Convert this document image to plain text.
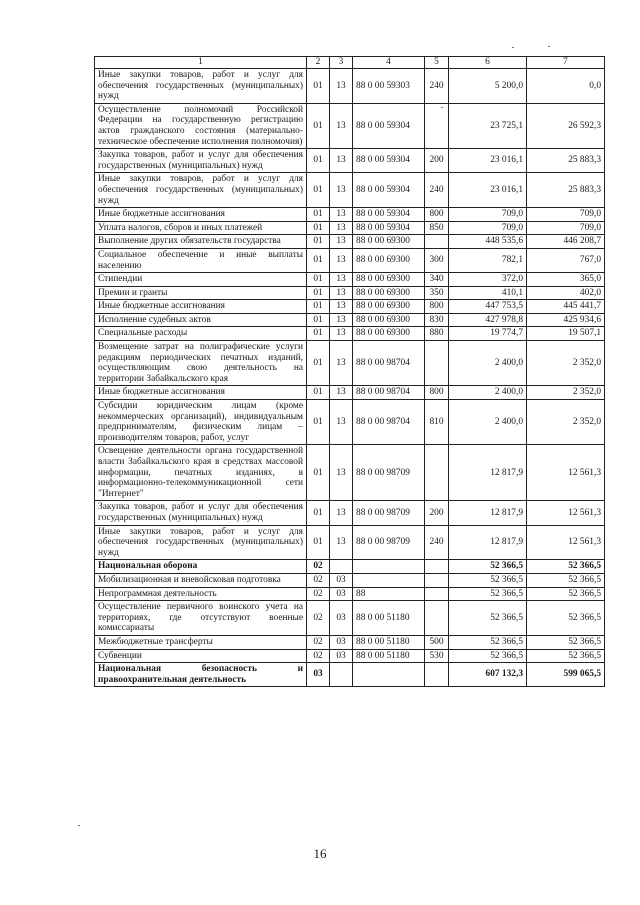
1	2	3	4	5	6	7
Иные закупки товаров, работ и услуг для обеспечения государственных (муниципальных) нужд	01	13	88 0 00 59303	240	5 200,0	0,0
Осуществление полномочий Российской Федерации на государственную регистрацию актов гражданского состояния (материально-техническое обеспечение исполнения полномочия)	01	13	88 0 00 59304		23 725,1	26 592,3
Закупка товаров, работ и услуг для обеспечения государственных (муниципальных) нужд	01	13	88 0 00 59304	200	23 016,1	25 883,3
Иные закупки товаров, работ и услуг для обеспечения государственных (муниципальных) нужд	01	13	88 0 00 59304	240	23 016,1	25 883,3
Иные бюджетные ассигнования	01	13	88 0 00 59304	800	709,0	709,0
Уплата налогов, сборов и иных платежей	01	13	88 0 00 59304	850	709,0	709,0
Выполнение других обязательств государства	01	13	88 0 00 69300		448 535,6	446 208,7
Социальное обеспечение и иные выплаты населению	01	13	88 0 00 69300	300	782,1	767,0
Стипендии	01	13	88 0 00 69300	340	372,0	365,0
Премии и гранты	01	13	88 0 00 69300	350	410,1	402,0
Иные бюджетные ассигнования	01	13	88 0 00 69300	800	447 753,5	445 441,7
Исполнение судебных актов	01	13	88 0 00 69300	830	427 978,8	425 934,6
Специальные расходы	01	13	88 0 00 69300	880	19 774,7	19 507,1
Возмещение затрат на полиграфические услуги редакциям периодических печатных изданий, осуществляющим свою деятельность на территории Забайкальского края	01	13	88 0 00 98704		2 400,0	2 352,0
Иные бюджетные ассигнования	01	13	88 0 00 98704	800	2 400,0	2 352,0
Субсидии юридическим лицам (кроме некоммерческих организаций), индивидуальным предпринимателям, физическим лицам – производителям товаров, работ, услуг	01	13	88 0 00 98704	810	2 400,0	2 352,0
Освещение деятельности органа государственной власти Забайкальского края в средствах массовой информации, печатных изданиях, в информационно-телекоммуникационной сети "Интернет"	01	13	88 0 00 98709		12 817,9	12 561,3
Закупка товаров, работ и услуг для обеспечения государственных (муниципальных) нужд	01	13	88 0 00 98709	200	12 817,9	12 561,3
Иные закупки товаров, работ и услуг для обеспечения государственных (муниципальных) нужд	01	13	88 0 00 98709	240	12 817,9	12 561,3
Национальная оборона	02				52 366,5	52 366,5
Мобилизационная и вневойсковая подготовка	02	03			52 366,5	52 366,5
Непрограммная деятельность	02	03	88		52 366,5	52 366,5
Осуществление первичного воинского учета на территориях, где отсутствуют военные комиссариаты	02	03	88 0 00 51180		52 366,5	52 366,5
Межбюджетные трансферты	02	03	88 0 00 51180	500	52 366,5	52 366,5
Субвенции	02	03	88 0 00 51180	530	52 366,5	52 366,5
Национальная безопасность и правоохранительная деятельность	03				607 132,3	599 065,5
16
